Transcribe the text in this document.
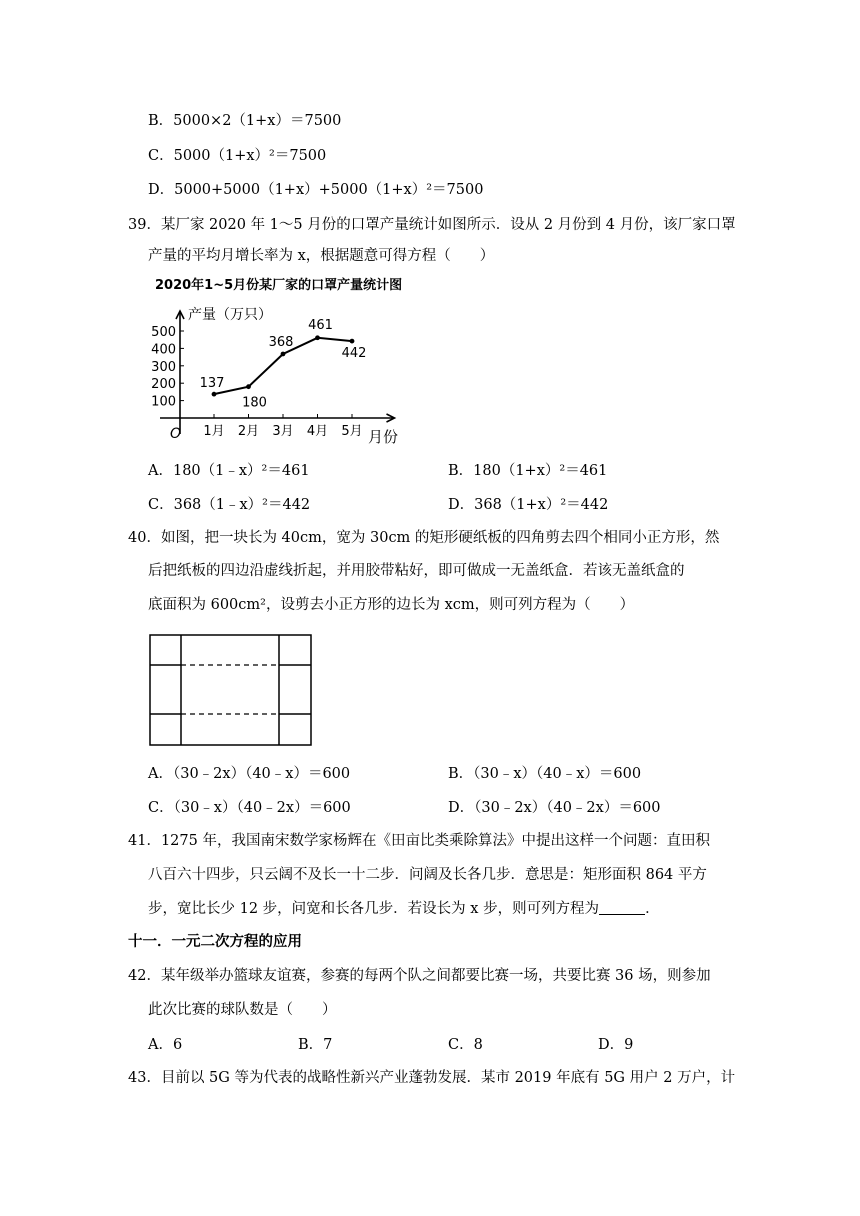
B．5000×2（1+x）＝7500
C．5000（1+x）²＝7500
D．5000+5000（1+x）+5000（1+x）²＝7500
39．某厂家 2020 年 1～5 月份的口罩产量统计如图所示．设从 2 月份到 4 月份，该厂家口罩
产量的平均月增长率为 x，根据题意可得方程（　　）
2020年1~5月份某厂家的口罩产量统计图
产量（万只）
O	月份
100
200
300
400
500
1月 2月 3月 4月 5月
137
180
368
461
442
A．180（1﹣x）²＝461	B．180（1+x）²＝461
C．368（1﹣x）²＝442	D．368（1+x）²＝442
40．如图，把一块长为 40cm，宽为 30cm 的矩形硬纸板的四角剪去四个相同小正方形，然
后把纸板的四边沿虚线折起，并用胶带粘好，即可做成一无盖纸盒．若该无盖纸盒的
底面积为 600cm²，设剪去小正方形的边长为 xcm，则可列方程为（　　）
A．（30﹣2x）（40﹣x）＝600	B．（30﹣x）（40﹣x）＝600
C．（30﹣x）（40﹣2x）＝600	D．（30﹣2x）（40﹣2x）＝600
41．1275 年，我国南宋数学家杨辉在《田亩比类乘除算法》中提出这样一个问题：直田积
八百六十四步，只云阔不及长一十二步．问阔及长各几步．意思是：矩形面积 864 平方
步，宽比长少 12 步，问宽和长各几步．若设长为 x 步，则可列方程为	．
十一．一元二次方程的应用
42．某年级举办篮球友谊赛，参赛的每两个队之间都要比赛一场，共要比赛 36 场，则参加
此次比赛的球队数是（　　）
A．6	B．7	C．8	D．9
43．目前以 5G 等为代表的战略性新兴产业蓬勃发展．某市 2019 年底有 5G 用户 2 万户，计
